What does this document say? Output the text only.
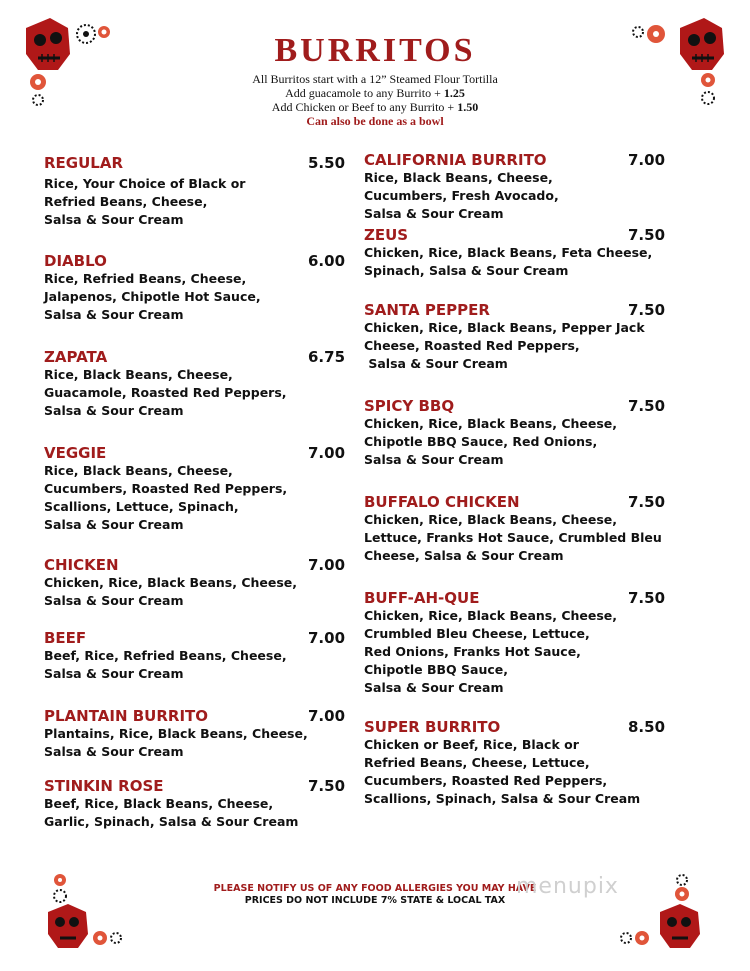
BURRITOS
All Burritos start with a 12” Steamed Flour Tortilla
Add guacamole to any Burrito + 1.25
Add Chicken or Beef to any Burrito + 1.50
Can also be done as a bowl
REGULAR	5.50
Rice, Your Choice of Black or
Refried Beans, Cheese,
Salsa & Sour Cream
DIABLO	6.00
Rice, Refried Beans, Cheese,
Jalapenos, Chipotle Hot Sauce,
Salsa & Sour Cream
ZAPATA	6.75
Rice, Black Beans, Cheese,
Guacamole, Roasted Red Peppers,
Salsa & Sour Cream
VEGGIE	7.00
Rice, Black Beans, Cheese,
Cucumbers, Roasted Red Peppers,
Scallions, Lettuce, Spinach,
Salsa & Sour Cream
CHICKEN	7.00
Chicken, Rice, Black Beans, Cheese,
Salsa & Sour Cream
BEEF	7.00
Beef, Rice, Refried Beans, Cheese,
Salsa & Sour Cream
PLANTAIN BURRITO	7.00
Plantains, Rice, Black Beans, Cheese,
Salsa & Sour Cream
STINKIN ROSE	7.50
Beef, Rice, Black Beans, Cheese,
Garlic, Spinach, Salsa & Sour Cream
CALIFORNIA BURRITO	7.00
Rice, Black Beans, Cheese,
Cucumbers, Fresh Avocado,
Salsa & Sour Cream
ZEUS	7.50
Chicken, Rice, Black Beans, Feta Cheese,
Spinach, Salsa & Sour Cream
SANTA PEPPER	7.50
Chicken, Rice, Black Beans, Pepper Jack
Cheese, Roasted Red Peppers,
Salsa & Sour Cream
SPICY BBQ	7.50
Chicken, Rice, Black Beans, Cheese,
Chipotle BBQ Sauce, Red Onions,
Salsa & Sour Cream
BUFFALO CHICKEN	7.50
Chicken, Rice, Black Beans, Cheese,
Lettuce, Franks Hot Sauce, Crumbled Bleu
Cheese, Salsa & Sour Cream
BUFF-AH-QUE	7.50
Chicken, Rice, Black Beans, Cheese,
Crumbled Bleu Cheese, Lettuce,
Red Onions, Franks Hot Sauce,
Chipotle BBQ Sauce,
Salsa & Sour Cream
SUPER BURRITO	8.50
Chicken or Beef, Rice, Black or
Refried Beans, Cheese, Lettuce,
Cucumbers, Roasted Red Peppers,
Scallions, Spinach, Salsa & Sour Cream
PLEASE NOTIFY US OF ANY FOOD ALLERGIES YOU MAY HAVE
PRICES DO NOT INCLUDE 7% STATE & LOCAL TAX
menupix
